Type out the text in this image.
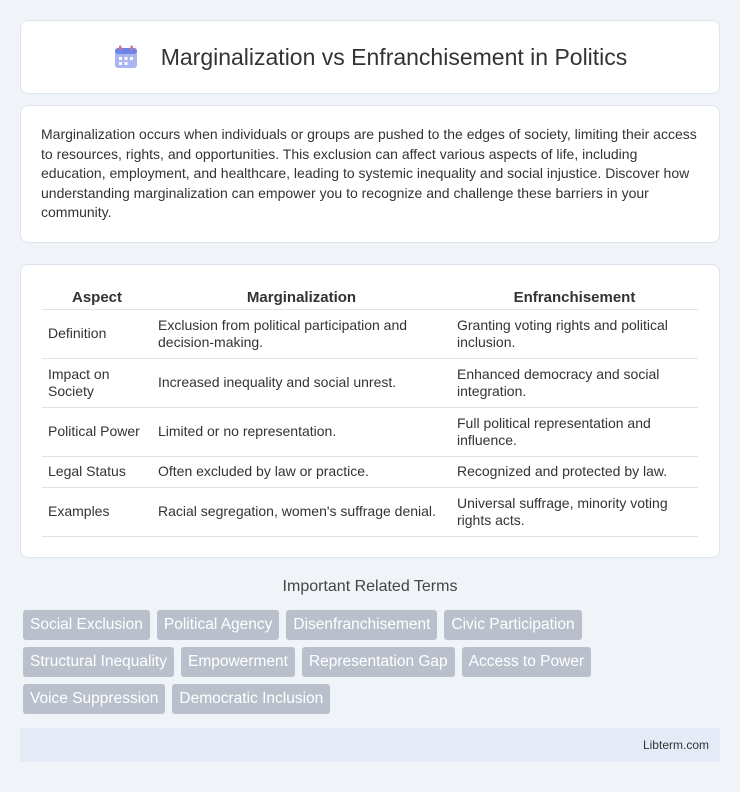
Marginalization vs Enfranchisement in Politics

Marginalization occurs when individuals or groups are pushed to the edges of society, limiting their access to resources, rights, and opportunities. This exclusion can affect various aspects of life, including education, employment, and healthcare, leading to systemic inequality and social injustice. Discover how understanding marginalization can empower you to recognize and challenge these barriers in your community.

Aspect	Marginalization	Enfranchisement
Definition	Exclusion from political participation and decision-making.	Granting voting rights and political inclusion.
Impact on Society	Increased inequality and social unrest.	Enhanced democracy and social integration.
Political Power	Limited or no representation.	Full political representation and influence.
Legal Status	Often excluded by law or practice.	Recognized and protected by law.
Examples	Racial segregation, women's suffrage denial.	Universal suffrage, minority voting rights acts.
Important Related Terms
Social Exclusion	Political Agency	Disenfranchisement	Civic Participation
Structural Inequality	Empowerment	Representation Gap	Access to Power
Voice Suppression	Democratic Inclusion
Libterm.com
